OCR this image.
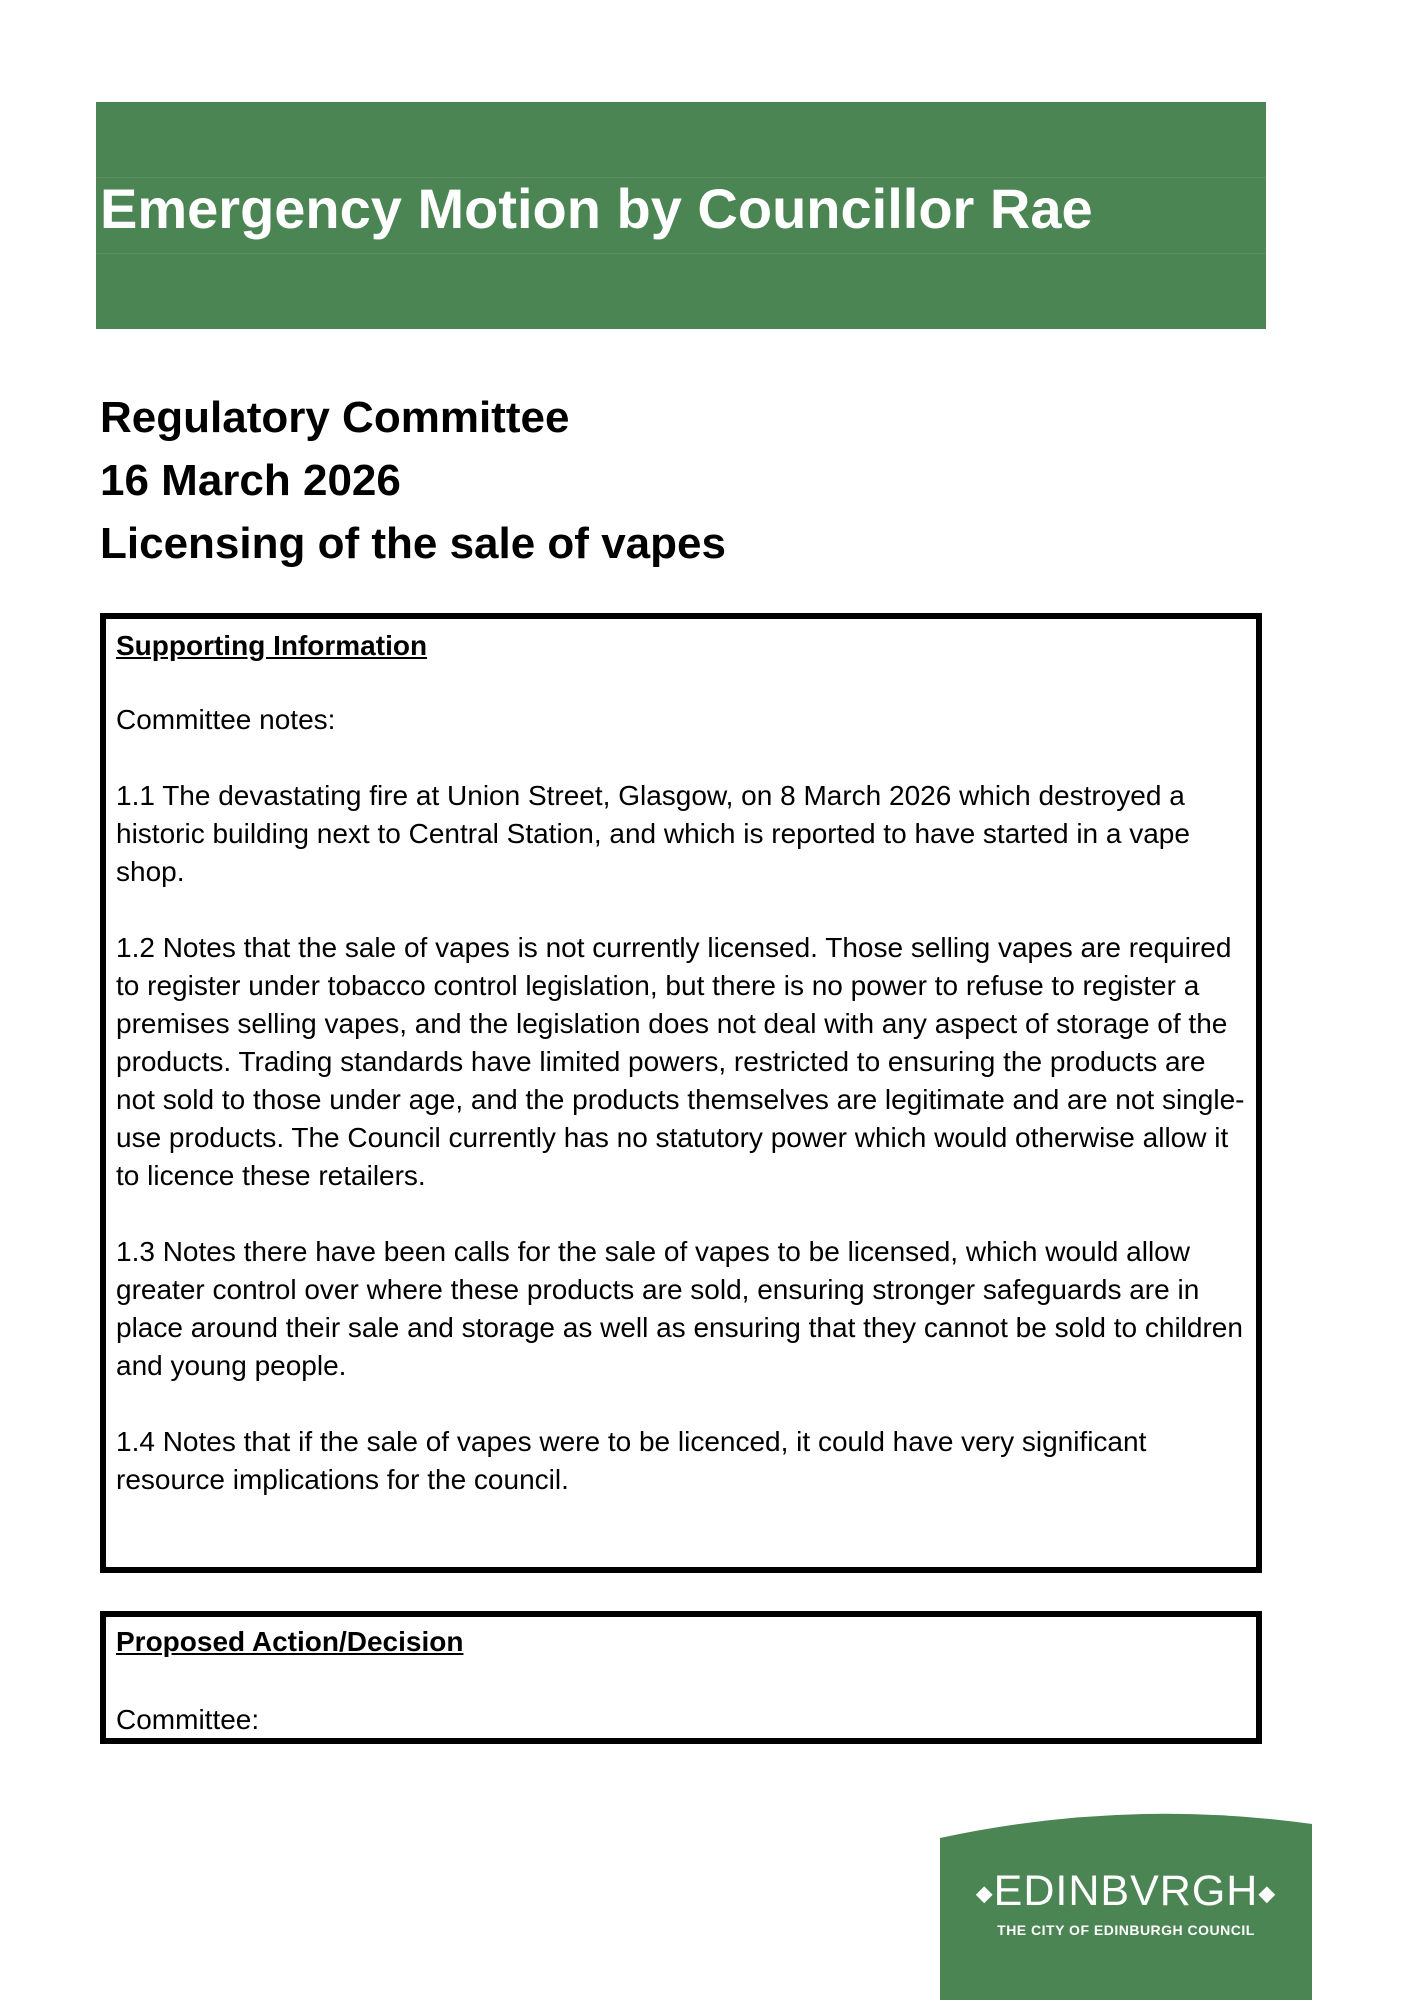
Emergency Motion by Councillor Rae

Regulatory Committee

16 March 2026

Licensing of the sale of vapes

Supporting Information

Committee notes:

1.1 The devastating fire at Union Street, Glasgow, on 8 March 2026 which destroyed a historic building next to Central Station, and which is reported to have started in a vape shop.

1.2 Notes that the sale of vapes is not currently licensed. Those selling vapes are required to register under tobacco control legislation, but there is no power to refuse to register a premises selling vapes, and the legislation does not deal with any aspect of storage of the products. Trading standards have limited powers, restricted to ensuring the products are not sold to those under age, and the products themselves are legitimate and are not single-use products. The Council currently has no statutory power which would otherwise allow it to licence these retailers.

1.3 Notes there have been calls for the sale of vapes to be licensed, which would allow greater control over where these products are sold, ensuring stronger safeguards are in place around their sale and storage as well as ensuring that they cannot be sold to children and young people.

1.4 Notes that if the sale of vapes were to be licenced, it could have very significant resource implications for the council.

Proposed Action/Decision

Committee:

◆EDINBVRGH◆
THE CITY OF EDINBURGH COUNCIL
